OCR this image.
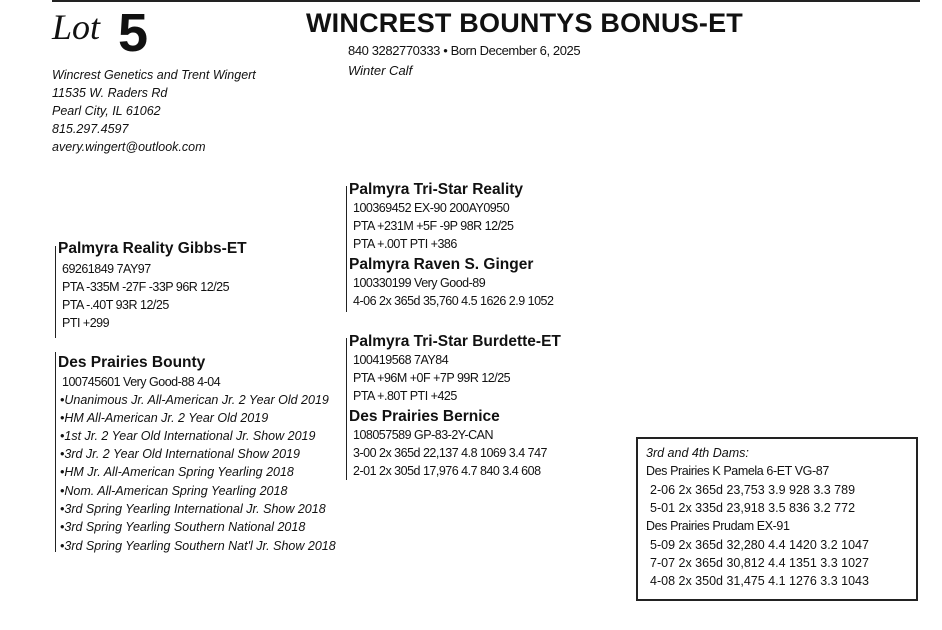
Lot 5	WINCREST BOUNTYS BONUS-ET
840 3282770333 • Born December 6, 2025
Winter Calf
Wincrest Genetics and Trent Wingert
11535 W. Raders Rd
Pearl City, IL 61062
815.297.4597
avery.wingert@outlook.com
Palmyra Reality Gibbs-ET
69261849 7AY97
PTA -335M -27F -33P 96R 12/25
PTA -.40T 93R 12/25
PTI +299
Des Prairies Bounty
100745601 Very Good-88 4-04
•Unanimous Jr. All-American Jr. 2 Year Old 2019
•HM All-American Jr. 2 Year Old 2019
•1st Jr. 2 Year Old International Jr. Show 2019
•3rd Jr. 2 Year Old International Show 2019
•HM Jr. All-American Spring Yearling 2018
•Nom. All-American Spring Yearling 2018
•3rd Spring Yearling International Jr. Show 2018
•3rd Spring Yearling Southern National 2018
•3rd Spring Yearling Southern Nat'l Jr. Show 2018
Palmyra Tri-Star Reality
100369452 EX-90 200AY0950
PTA +231M +5F -9P 98R 12/25
PTA +.00T PTI +386
Palmyra Raven S. Ginger
100330199 Very Good-89
4-06 2x 365d 35,760 4.5 1626 2.9 1052
Palmyra Tri-Star Burdette-ET
100419568 7AY84
PTA +96M +0F +7P 99R 12/25
PTA +.80T PTI +425
Des Prairies Bernice
108057589 GP-83-2Y-CAN
3-00 2x 365d 22,137 4.8 1069 3.4 747
2-01 2x 305d 17,976 4.7 840 3.4 608
3rd and 4th Dams:
Des Prairies K Pamela 6-ET VG-87
2-06 2x 365d 23,753 3.9 928 3.3 789
5-01 2x 335d 23,918 3.5 836 3.2 772
Des Prairies Prudam EX-91
5-09 2x 365d 32,280 4.4 1420 3.2 1047
7-07 2x 365d 30,812 4.4 1351 3.3 1027
4-08 2x 350d 31,475 4.1 1276 3.3 1043
